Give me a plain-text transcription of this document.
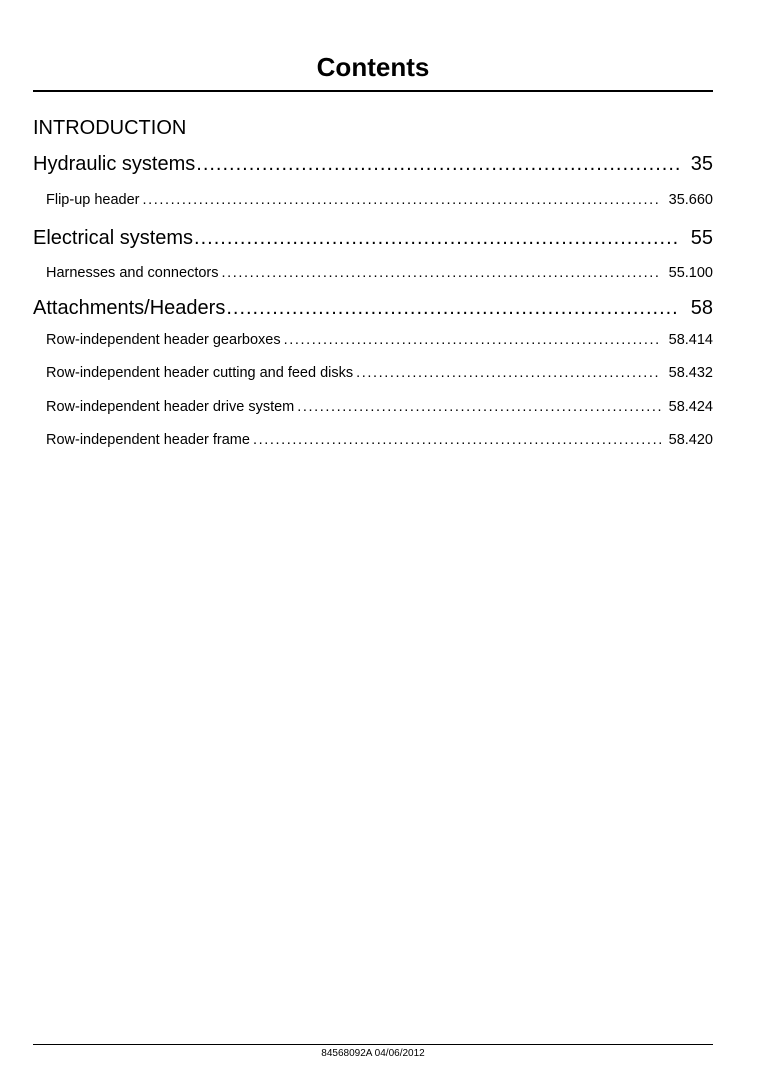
Contents
INTRODUCTION
Hydraulic systems .....	35
Flip-up header .....	35.660
Electrical systems .....	55
Harnesses and connectors .....	55.100
Attachments/Headers .....	58
Row-independent header gearboxes .....	58.414
Row-independent header cutting and feed disks .....	58.432
Row-independent header drive system .....	58.424
Row-independent header frame .....	58.420
84568092A 04/06/2012
